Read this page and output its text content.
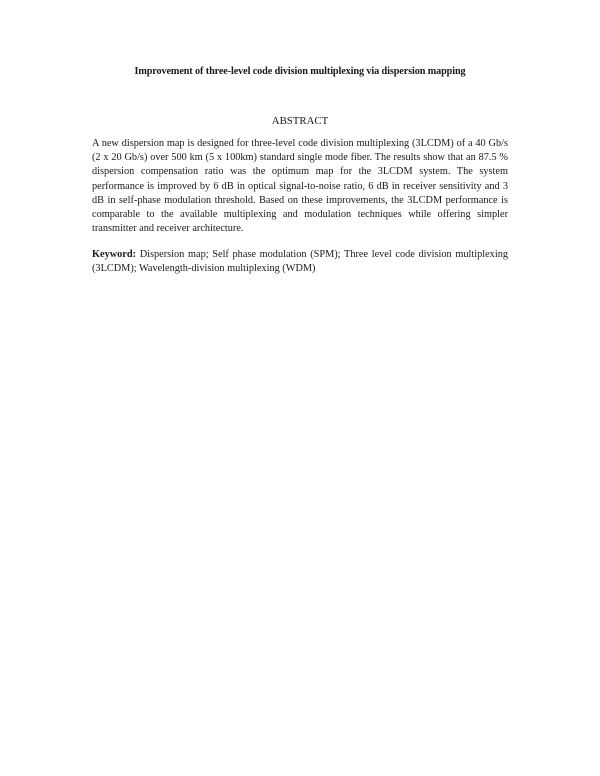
Improvement of three-level code division multiplexing via dispersion mapping
ABSTRACT

A new dispersion map is designed for three-level code division multiplexing (3LCDM) of a 40 Gb/s (2 x 20 Gb/s) over 500 km (5 x 100km) standard single mode fiber. The results show that an 87.5 % dispersion compensation ratio was the optimum map for the 3LCDM system. The system performance is improved by 6 dB in optical signal-to-noise ratio, 6 dB in receiver sensitivity and 3 dB in self-phase modulation threshold. Based on these improvements, the 3LCDM performance is comparable to the available multiplexing and modulation techniques while offering simpler transmitter and receiver architecture.

Keyword: Dispersion map; Self phase modulation (SPM); Three level code division multiplexing (3LCDM); Wavelength-division multiplexing (WDM)
